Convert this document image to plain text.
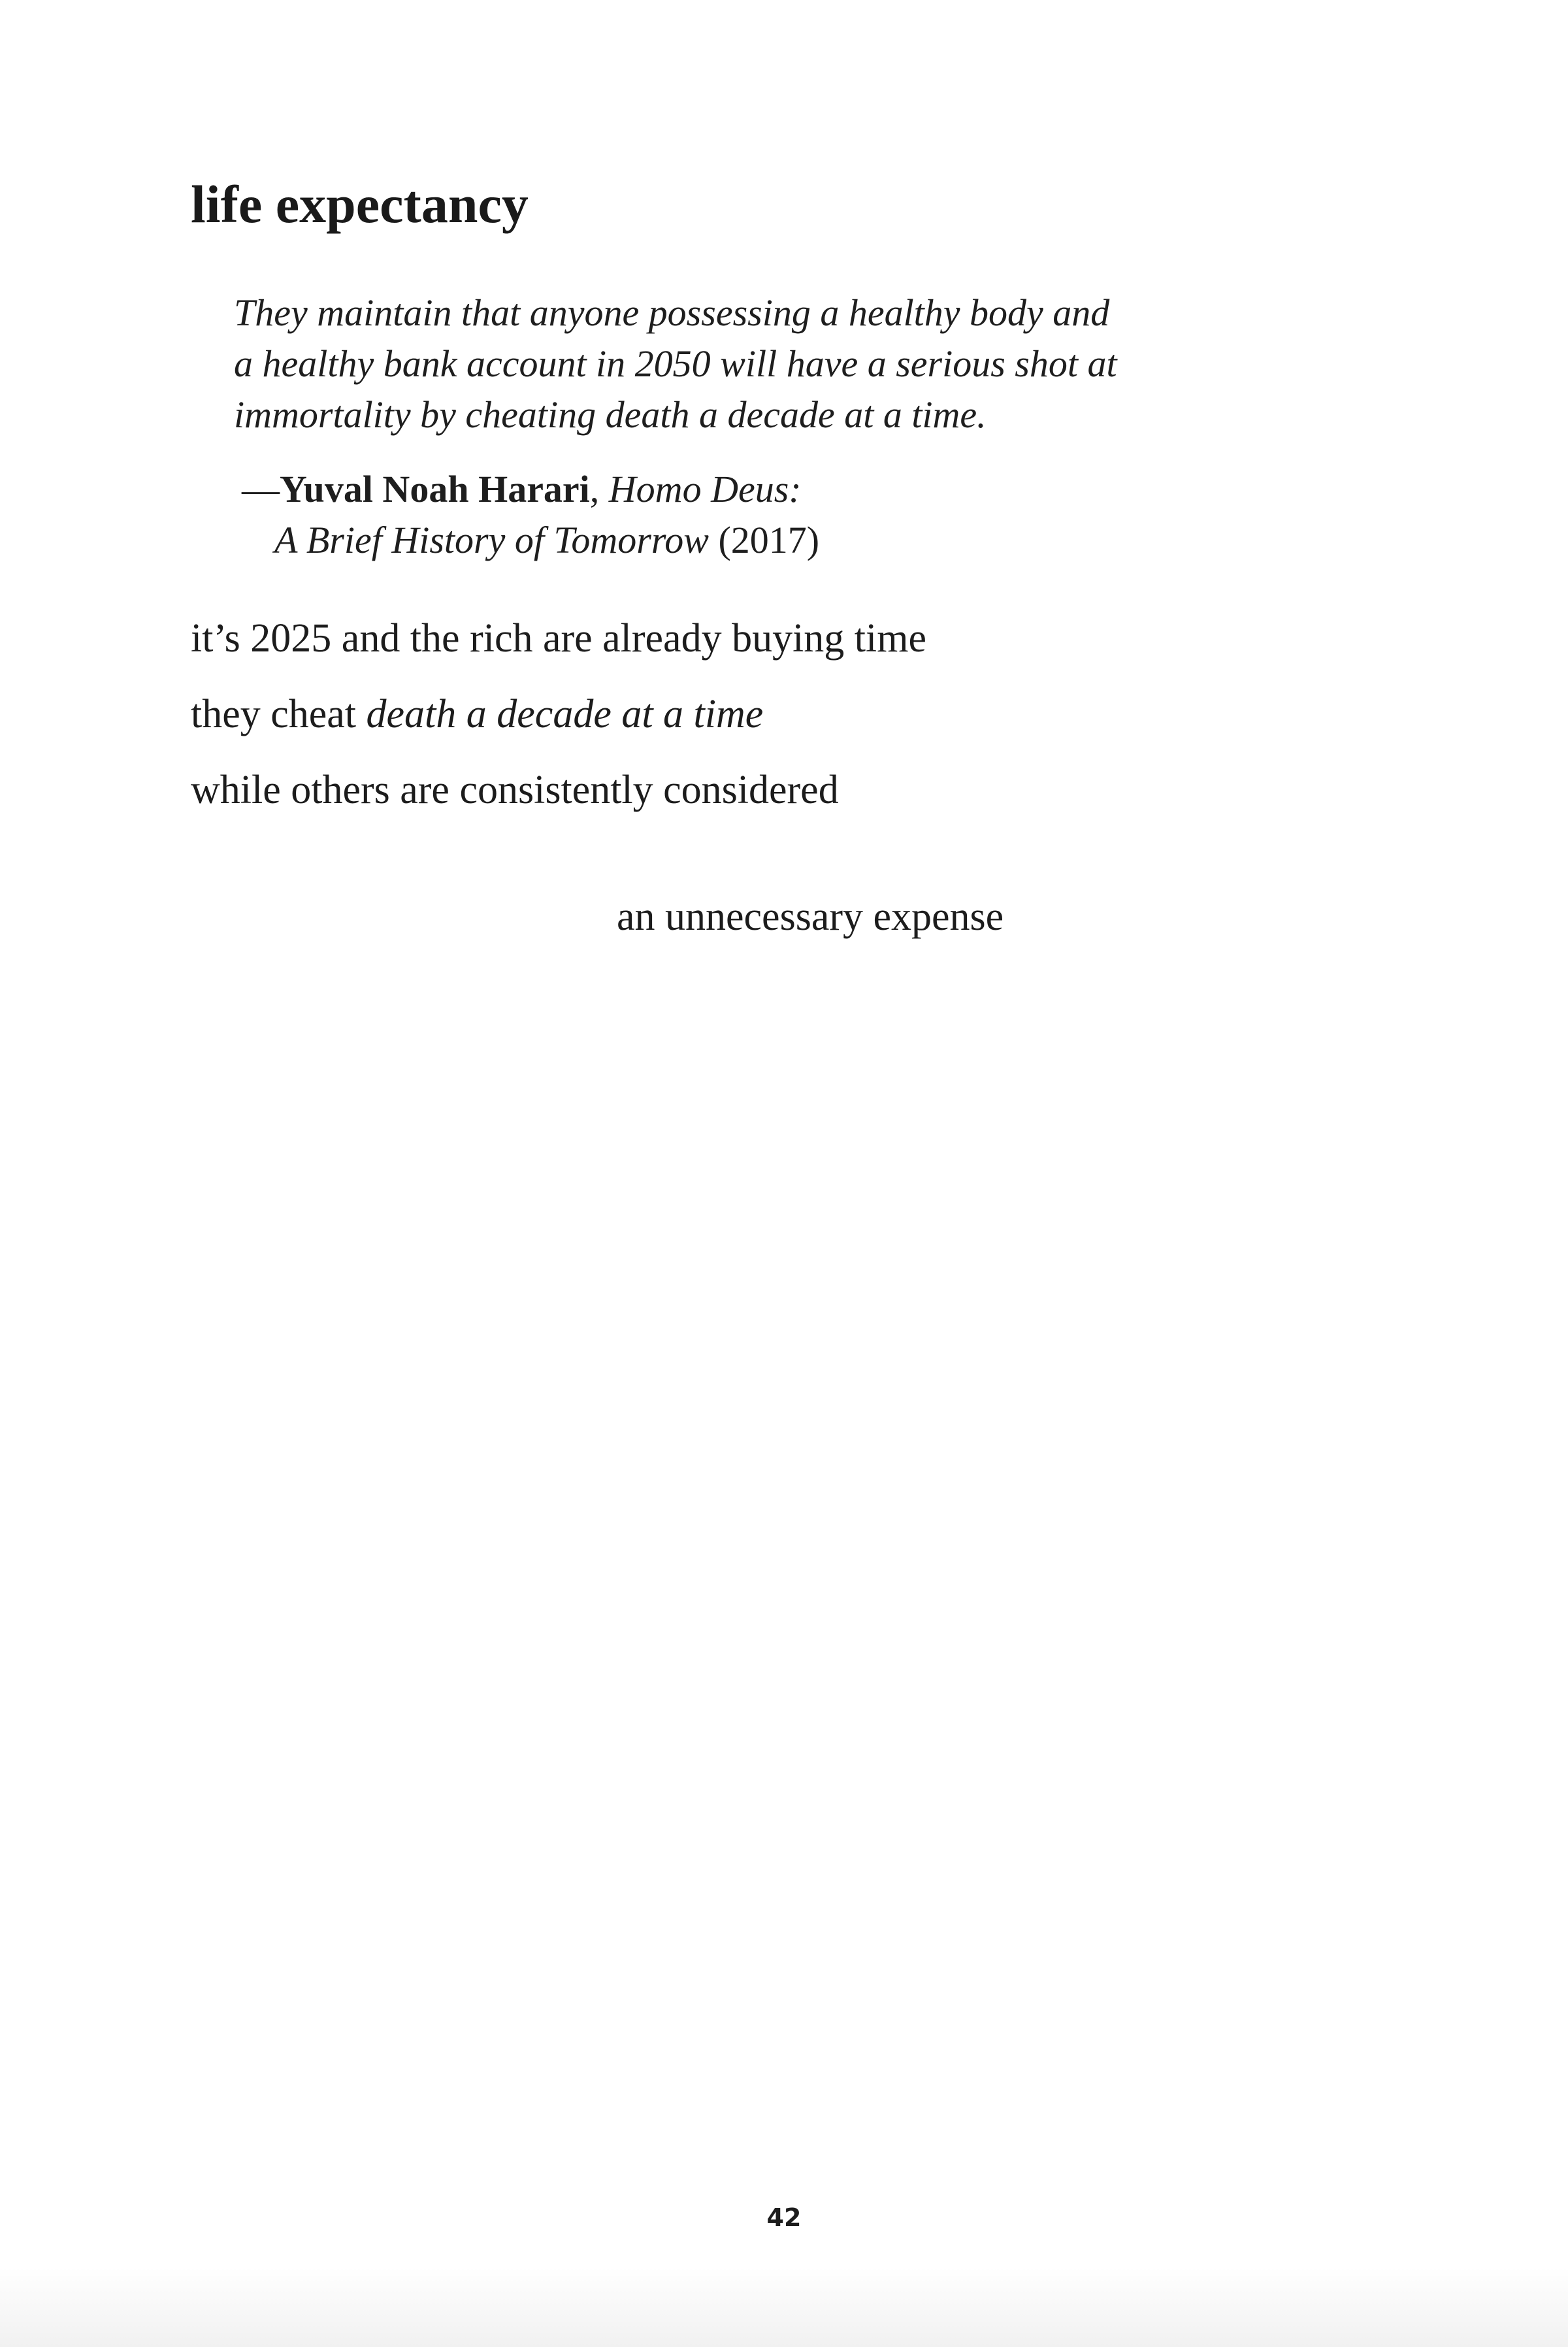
life expectancy
They maintain that anyone possessing a healthy body and
a healthy bank account in 2050 will have a serious shot at
immortality by cheating death a decade at a time.
—Yuval Noah Harari, Homo Deus:
A Brief History of Tomorrow (2017)

it’s 2025 and the rich are already buying time

they cheat death a decade at a time

while others are consistently considered

an unnecessary expense

42
